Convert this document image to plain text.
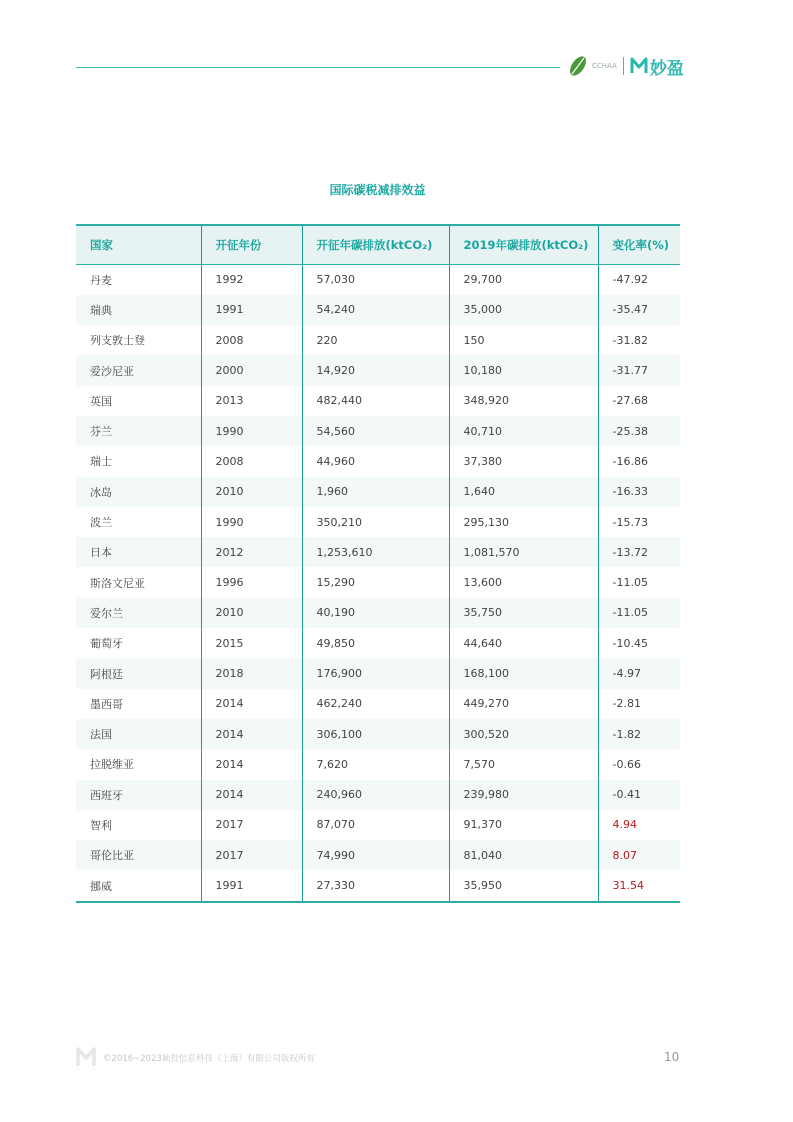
CCHAA 妙盈
国际碳税减排效益
国家	开征年份	开征年碳排放(ktCO₂)	2019年碳排放(ktCO₂)	变化率(%)
丹麦	1992	57,030	29,700	-47.92
瑞典	1991	54,240	35,000	-35.47
列支敦士登	2008	220	150	-31.82
爱沙尼亚	2000	14,920	10,180	-31.77
英国	2013	482,440	348,920	-27.68
芬兰	1990	54,560	40,710	-25.38
瑞士	2008	44,960	37,380	-16.86
冰岛	2010	1,960	1,640	-16.33
波兰	1990	350,210	295,130	-15.73
日本	2012	1,253,610	1,081,570	-13.72
斯洛文尼亚	1996	15,290	13,600	-11.05
爱尔兰	2010	40,190	35,750	-11.05
葡萄牙	2015	49,850	44,640	-10.45
阿根廷	2018	176,900	168,100	-4.97
墨西哥	2014	462,240	449,270	-2.81
法国	2014	306,100	300,520	-1.82
拉脱维亚	2014	7,620	7,570	-0.66
西班牙	2014	240,960	239,980	-0.41
智利	2017	87,070	91,370	4.94
哥伦比亚	2017	74,990	81,040	8.07
挪威	1991	27,330	35,950	31.54
©2016~2023颖投信息科技（上海）有限公司版权所有	10
